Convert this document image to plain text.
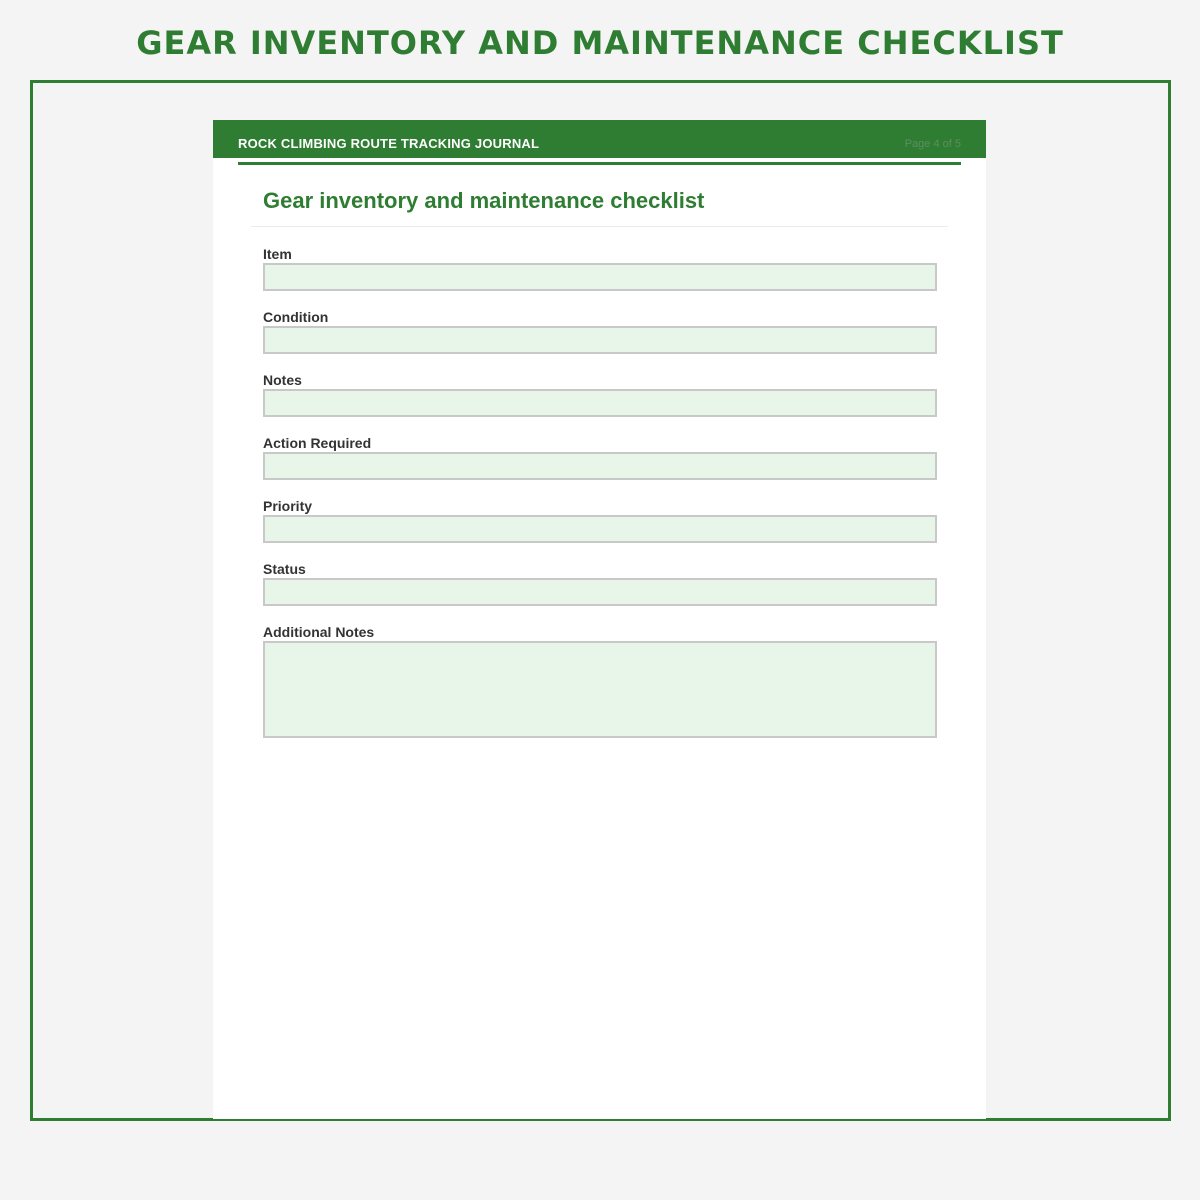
GEAR INVENTORY AND MAINTENANCE CHECKLIST
ROCK CLIMBING ROUTE TRACKING JOURNAL	Page 4 of 5
Gear inventory and maintenance checklist
Item
Condition
Notes
Action Required
Priority
Status
Additional Notes
